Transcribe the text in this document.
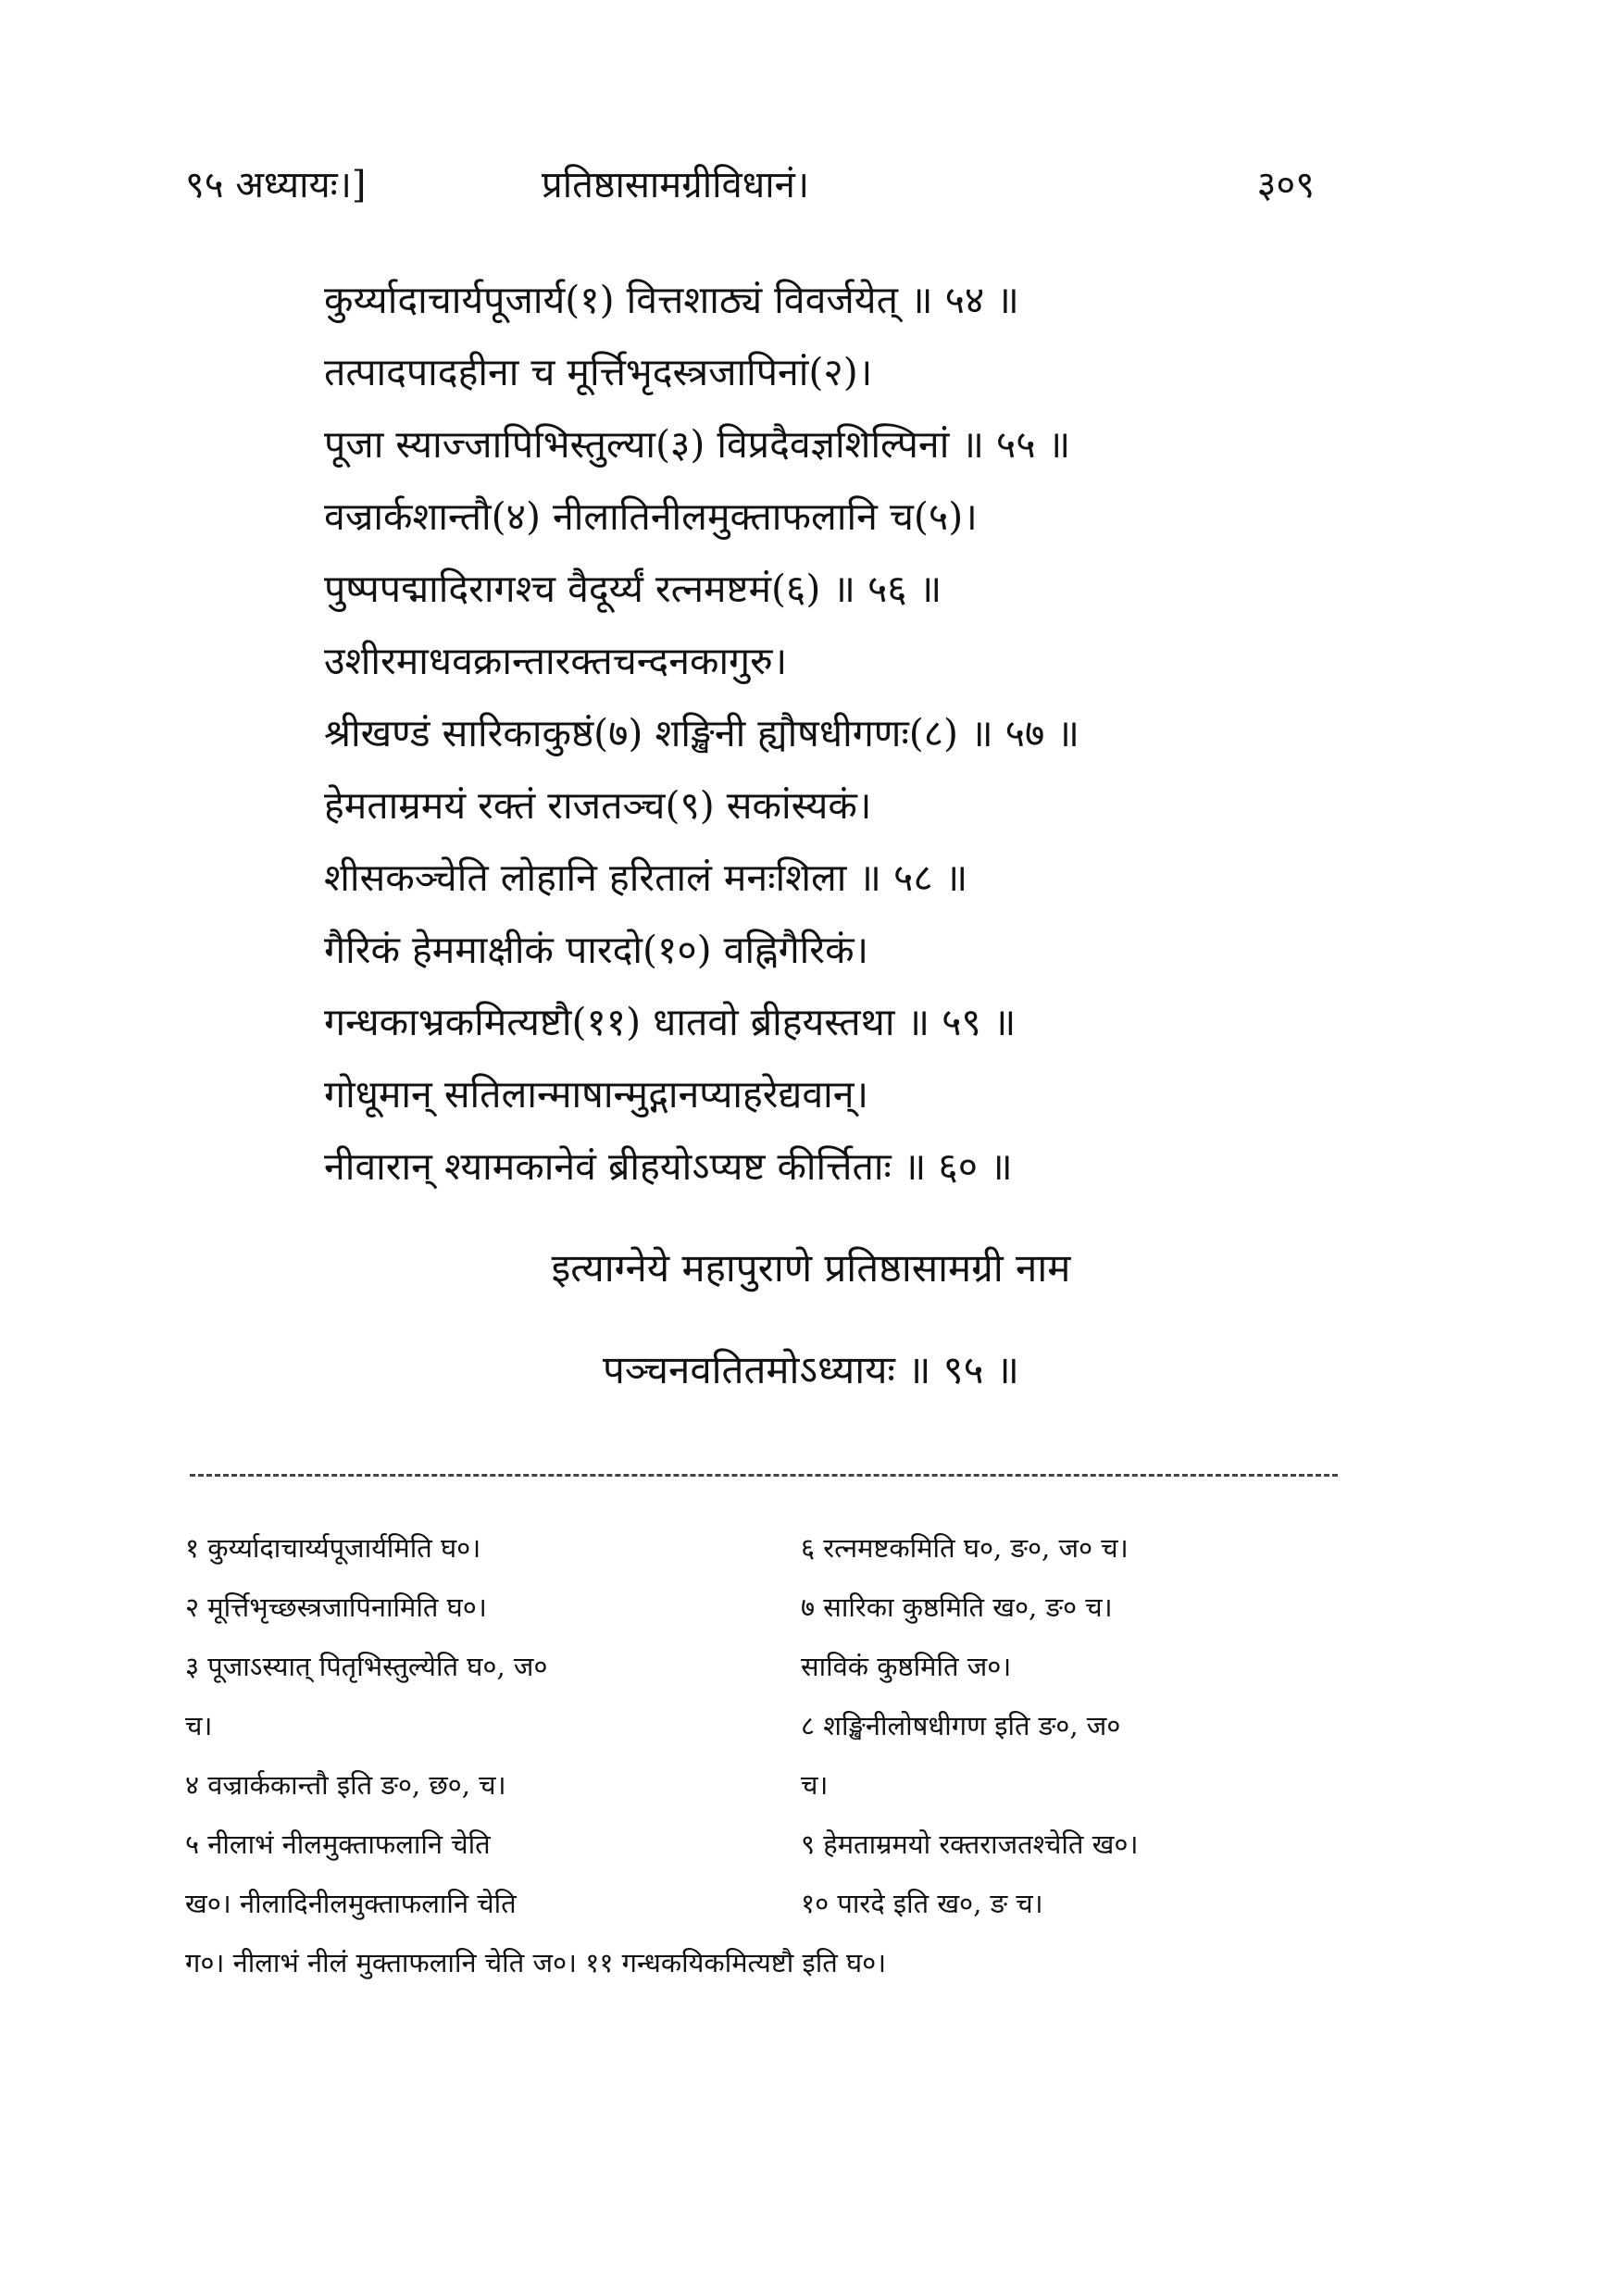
९५ अध्यायः।]	प्रतिष्ठासामग्रीविधानं।	३०९
कुर्य्यादाचार्यपूजार्य(१) वित्तशाठ्यं विवर्जयेत् ॥ ५४ ॥
तत्पादपादहीना च मूर्त्तिभृदस्त्रजापिनां(२)।
पूजा स्याज्जापिभिस्तुल्या(३) विप्रदैवज्ञशिल्पिनां ॥ ५५ ॥
वज्रार्कशान्तौ(४) नीलातिनीलमुक्ताफलानि च(५)।
पुष्पपद्मादिरागश्च वैदूर्य्यं रत्नमष्टमं(६) ॥ ५६ ॥
उशीरमाधवक्रान्तारक्तचन्दनकागुरु।
श्रीखण्डं सारिकाकुष्ठं(७) शङ्खिनी ह्यौषधीगणः(८) ॥ ५७ ॥
हेमताम्रमयं रक्तं राजतञ्च(९) सकांस्यकं।
शीसकञ्चेति लोहानि हरितालं मनःशिला ॥ ५८ ॥
गैरिकं हेममाक्षीकं पारदो(१०) वह्निगैरिकं।
गन्धकाभ्रकमित्यष्टौ(११) धातवो ब्रीहयस्तथा ॥ ५९ ॥
गोधूमान् सतिलान्माषान्मुद्गानप्याहरेद्यवान्।
नीवारान् श्यामकानेवं ब्रीहयोऽप्यष्ट कीर्त्तिताः ॥ ६० ॥
इत्याग्नेये महापुराणे प्रतिष्ठासामग्री नाम
पञ्चनवतितमोऽध्यायः ॥ ९५ ॥
१ कुर्य्यादाचार्य्यपूजार्यमिति घ०।	६ रत्नमष्टकमिति घ०, ङ०, ज० च।
२ मूर्त्तिभृच्छस्त्रजापिनामिति घ०।	७ सारिका कुष्ठमिति ख०, ङ० च।
३ पूजाऽस्यात् पितृभिस्तुल्येति घ०, ज०	साविकं कुष्ठमिति ज०।
च।	८ शङ्खिनीलोषधीगण इति ङ०, ज०
४ वज्रार्ककान्तौ इति ङ०, छ०, च।	च।
५ नीलाभं नीलमुक्ताफलानि चेति	९ हेमताम्रमयो रक्तराजतश्चेति ख०।
ख०। नीलादिनीलमुक्ताफलानि चेति	१० पारदे इति ख०, ङ च।
ग०। नीलाभं नीलं मुक्ताफलानि चेति ज०। ११ गन्धकयिकमित्यष्टौ इति घ०।
